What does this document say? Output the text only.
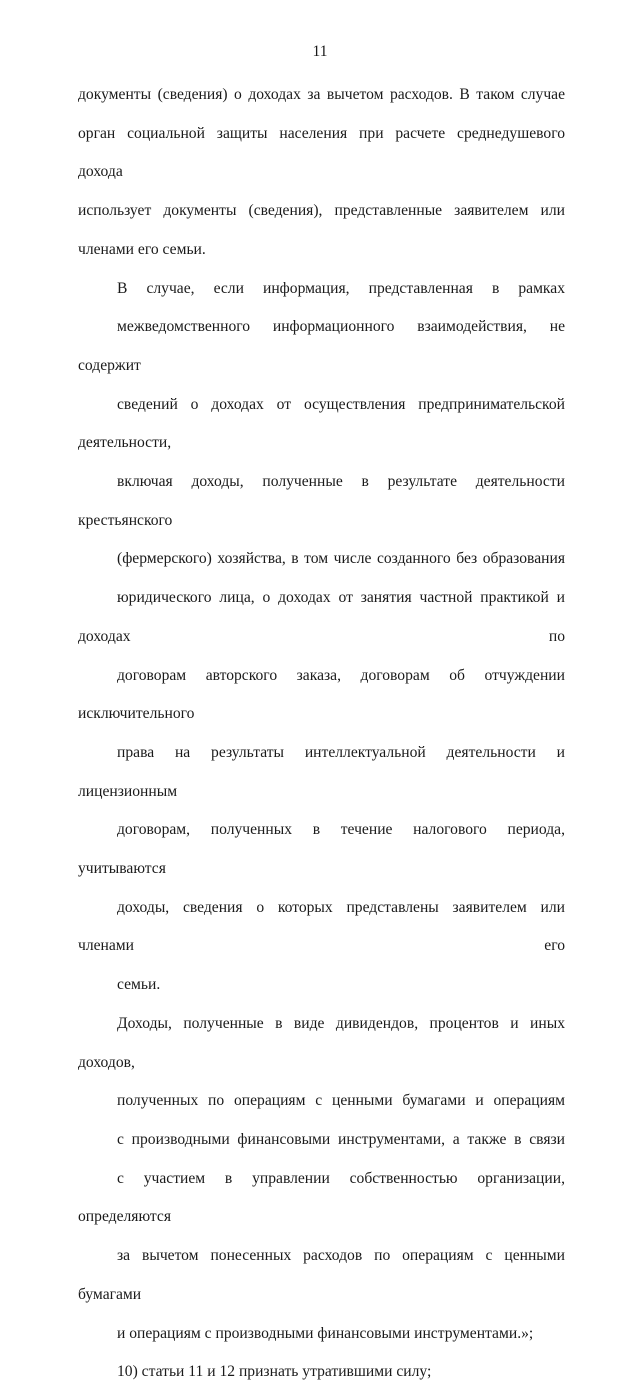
11

документы (сведения) о доходах за вычетом расходов. В таком случае
орган социальной защиты населения при расчете среднедушевого дохода
использует документы (сведения), представленные заявителем или
членами его семьи.

В случае, если информация, представленная в рамках
межведомственного информационного взаимодействия, не содержит
сведений о доходах от осуществления предпринимательской деятельности,
включая доходы, полученные в результате деятельности крестьянского
(фермерского) хозяйства, в том числе созданного без образования
юридического лица, о доходах от занятия частной практикой и доходах по
договорам авторского заказа, договорам об отчуждении исключительного
права на результаты интеллектуальной деятельности и лицензионным
договорам, полученных в течение налогового периода, учитываются
доходы, сведения о которых представлены заявителем или членами его
семьи.

Доходы, полученные в виде дивидендов, процентов и иных доходов,
полученных по операциям с ценными бумагами и операциям
с производными финансовыми инструментами, а также в связи
с участием в управлении собственностью организации, определяются
за вычетом понесенных расходов по операциям с ценными бумагами
и операциям с производными финансовыми инструментами.»;

10) статьи 11 и 12 признать утратившими силу;
